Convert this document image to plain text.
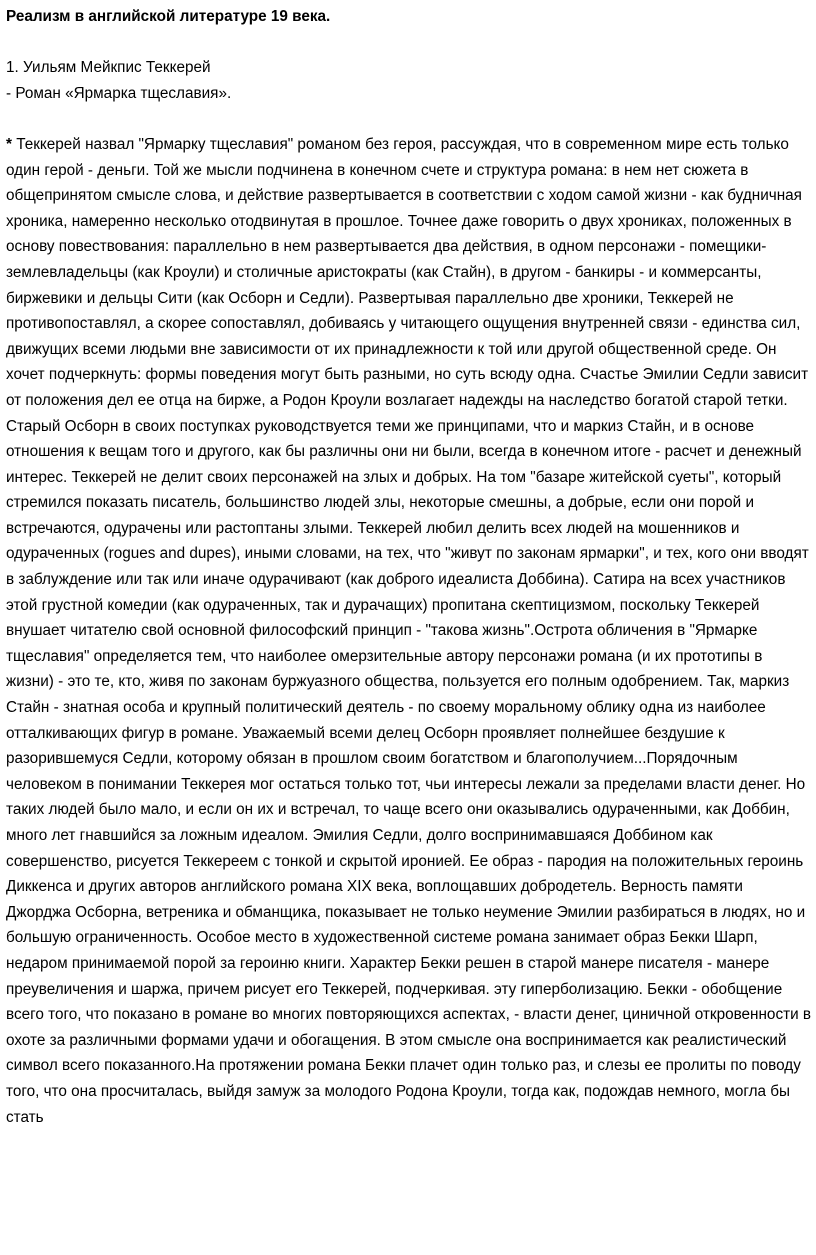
Реализм в английской литературе 19 века.

1. Уильям Мейкпис Теккерей

- Роман «Ярмарка тщеславия».

* Теккерей назвал "Ярмарку тщеславия" романом без героя, рассуждая, что в современном мире есть только один герой - деньги. Той же мысли подчинена в конечном счете и структура романа: в нем нет сюжета в общепринятом смысле слова, и действие развертывается в соответствии с ходом самой жизни - как будничная хроника, намеренно несколько отодвинутая в прошлое. Точнее даже говорить о двух хрониках, положенных в основу повествования: параллельно в нем развертывается два действия, в одном персонажи - помещики-землевладельцы (как Кроули) и столичные аристократы (как Стайн), в другом - банкиры - и коммерсанты, биржевики и дельцы Сити (как Осборн и Седли). Развертывая параллельно две хроники, Теккерей не противопоставлял, а скорее сопоставлял, добиваясь у читающего ощущения внутренней связи - единства сил, движущих всеми людьми вне зависимости от их принадлежности к той или другой общественной среде. Он хочет подчеркнуть: формы поведения могут быть разными, но суть всюду одна. Счастье Эмилии Седли зависит от положения дел ее отца на бирже, а Родон Кроули возлагает надежды на наследство богатой старой тетки. Старый Осборн в своих поступках руководствуется теми же принципами, что и маркиз Стайн, и в основе отношения к вещам того и другого, как бы различны они ни были, всегда в конечном итоге - расчет и денежный интерес. Теккерей не делит своих персонажей на злых и добрых. На том "базаре житейской суеты", который стремился показать писатель, большинство людей злы, некоторые смешны, а добрые, если они порой и встречаются, одурачены или растоптаны злыми. Теккерей любил делить всех людей на мошенников и одураченных (rogues and dupes), иными словами, на тех, что "живут по законам ярмарки", и тех, кого они вводят в заблуждение или так или иначе одурачивают (как доброго идеалиста Доббина). Сатира на всех участников этой грустной комедии (как одураченных, так и дурачащих) пропитана скептицизмом, поскольку Теккерей внушает читателю свой основной философский принцип - "такова жизнь".Острота обличения в "Ярмарке тщеславия" определяется тем, что наиболее омерзительные автору персонажи романа (и их прототипы в жизни) - это те, кто, живя по законам буржуазного общества, пользуется его полным одобрением. Так, маркиз Стайн - знатная особа и крупный политический деятель - по своему моральному облику одна из наиболее отталкивающих фигур в романе. Уважаемый всеми делец Осборн проявляет полнейшее бездушие к разорившемуся Седли, которому обязан в прошлом своим богатством и благополучием...Порядочным человеком в понимании Теккерея мог остаться только тот, чьи интересы лежали за пределами власти денег. Но таких людей было мало, и если он их и встречал, то чаще всего они оказывались одураченными, как Доббин, много лет гнавшийся за ложным идеалом. Эмилия Седли, долго воспринимавшаяся Доббином как совершенство, рисуется Теккереем с тонкой и скрытой иронией. Ее образ - пародия на положительных героинь Диккенса и других авторов английского романа XIX века, воплощавших добродетель. Верность памяти Джорджа Осборна, ветреника и обманщика, показывает не только неумение Эмилии разбираться в людях, но и большую ограниченность. Особое место в художественной системе романа занимает образ Бекки Шарп, недаром принимаемой порой за героиню книги. Характер Бекки решен в старой манере писателя - манере преувеличения и шаржа, причем рисует его Теккерей, подчеркивая. эту гиперболизацию. Бекки - обобщение всего того, что показано в романе во многих повторяющихся аспектах, - власти денег, циничной откровенности в охоте за различными формами удачи и обогащения. В этом смысле она воспринимается как реалистический символ всего показанного.На протяжении романа Бекки плачет один только раз, и слезы ее пролиты по поводу того, что она просчиталась, выйдя замуж за молодого Родона Кроули, тогда как, подождав немного, могла бы стать
